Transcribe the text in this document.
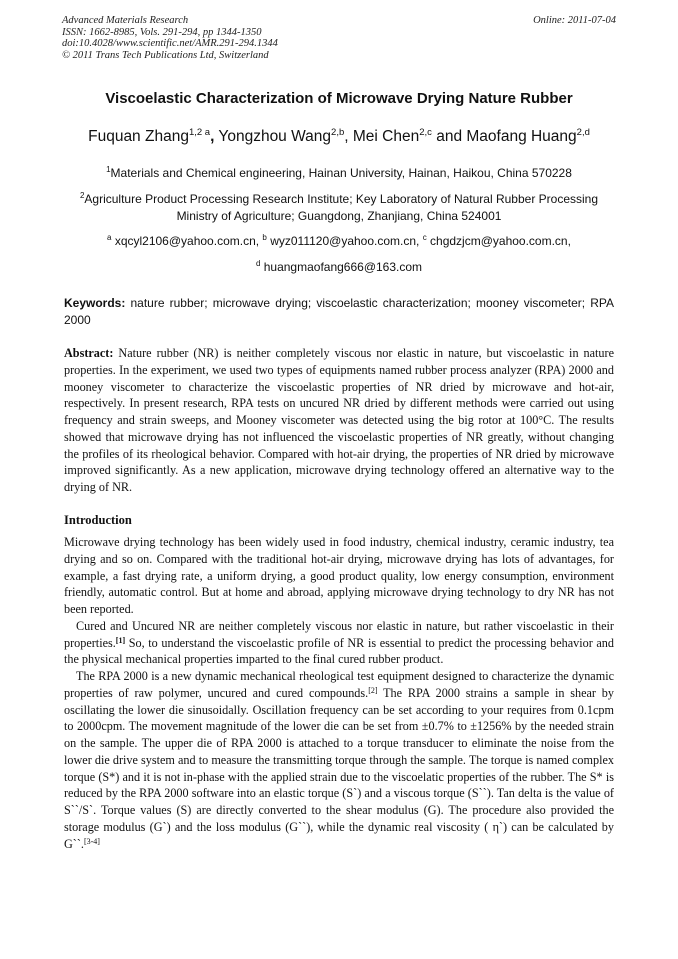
Advanced Materials Research
ISSN: 1662-8985, Vols. 291-294, pp 1344-1350
doi:10.4028/www.scientific.net/AMR.291-294.1344
© 2011 Trans Tech Publications Ltd, Switzerland
Online: 2011-07-04
Viscoelastic Characterization of Microwave Drying Nature Rubber
Fuquan Zhang$^{1,2 a}$, Yongzhou Wang$^{2,b}$, Mei Chen$^{2,c}$ and Maofang Huang$^{2,d}$
$^1$Materials and Chemical engineering, Hainan University, Hainan, Haikou, China 570228
$^2$Agriculture Product Processing Research Institute; Key Laboratory of Natural Rubber Processing
Ministry of Agriculture; Guangdong, Zhanjiang, China 524001
$^a$ xqcyl2106@yahoo.com.cn, $^b$ wyz011120@yahoo.com.cn, $^c$ chgdzjcm@yahoo.com.cn,
$^d$ huangmaofang666@163.com
Keywords: nature rubber; microwave drying; viscoelastic characterization; mooney viscometer; RPA 2000

Abstract: Nature rubber (NR) is neither completely viscous nor elastic in nature, but viscoelastic in nature properties. In the experiment, we used two types of equipments named rubber process analyzer (RPA) 2000 and mooney viscometer to characterize the viscoelastic properties of NR dried by microwave and hot-air, respectively. In present research, RPA tests on uncured NR dried by different methods were carried out using frequency and strain sweeps, and Mooney viscometer was detected using the big rotor at 100°C. The results showed that microwave drying has not influenced the viscoelastic properties of NR greatly, without changing the profiles of its rheological behavior. Compared with hot-air drying, the properties of NR dried by microwave improved significantly. As a new application, microwave drying technology offered an alternative way to the drying of NR.

Introduction

Microwave drying technology has been widely used in food industry, chemical industry, ceramic industry, tea drying and so on. Compared with the traditional hot-air drying, microwave drying has lots of advantages, for example, a fast drying rate, a uniform drying, a good product quality, low energy consumption, environment friendly, automatic control. But at home and abroad, applying microwave drying technology to dry NR has not been reported.

Cured and Uncured NR are neither completely viscous nor elastic in nature, but rather viscoelastic in their properties.[1] So, to understand the viscoelastic profile of NR is essential to predict the processing behavior and the physical mechanical properties imparted to the final cured rubber product.

The RPA 2000 is a new dynamic mechanical rheological test equipment designed to characterize the dynamic properties of raw polymer, uncured and cured compounds.[2] The RPA 2000 strains a sample in shear by oscillating the lower die sinusoidally. Oscillation frequency can be set according to your requires from 0.1cpm to 2000cpm. The movement magnitude of the lower die can be set from ±0.7% to ±1256% by the needed strain on the sample. The upper die of RPA 2000 is attached to a torque transducer to eliminate the noise from the lower die drive system and to measure the transmitting torque through the sample. The torque is named complex torque (S*) and it is not in-phase with the applied strain due to the viscoelatic properties of the rubber. The S* is reduced by the RPA 2000 software into an elastic torque (S`) and a viscous torque (S``). Tan delta is the value of S``/S`. Torque values (S) are directly converted to the shear modulus (G). The procedure also provided the storage modulus (G`) and the loss modulus (G``), while the dynamic real viscosity ( η`) can be calculated by G``.[3-4]
